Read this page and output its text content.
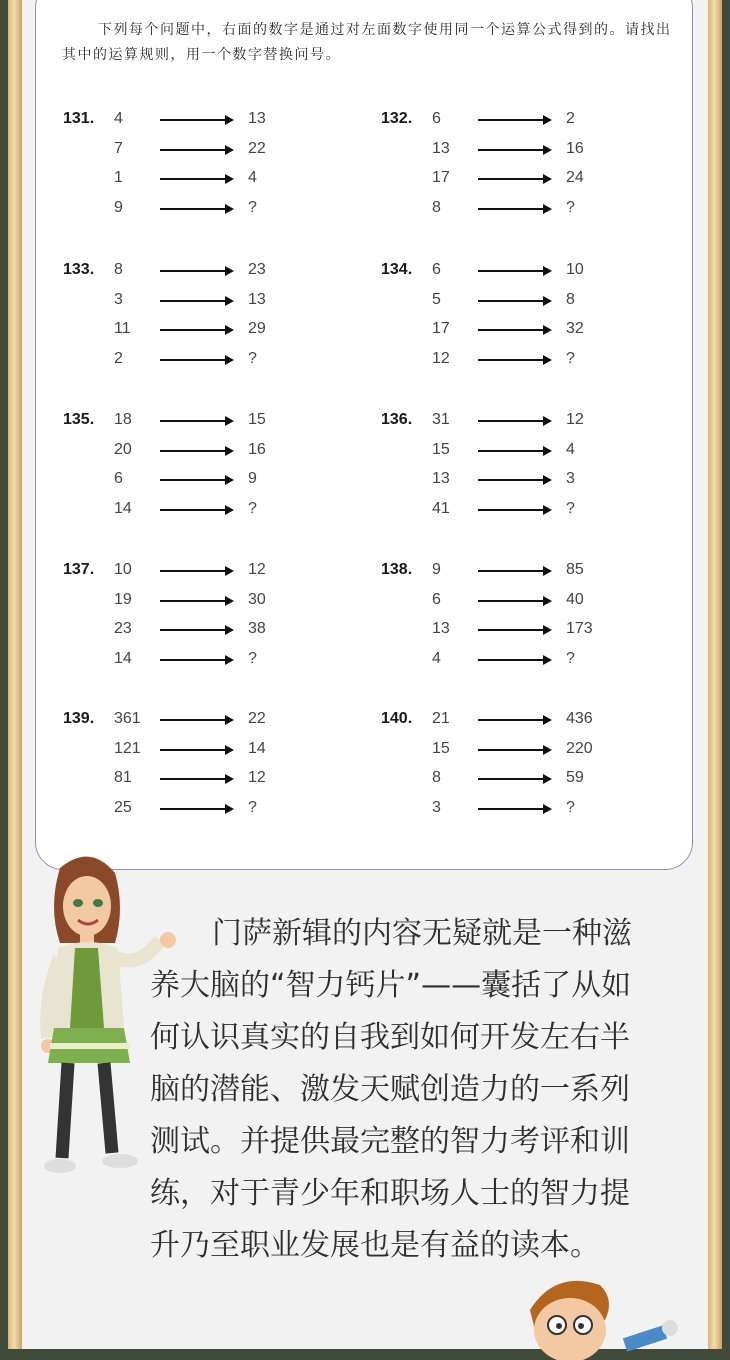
下列每个问题中，右面的数字是通过对左面数字使用同一个运算公式得到的。请找出其中的运算规则，用一个数字替换问号。

131. 4	13
7	22
1	4
9	?
132. 6	2
13	16
17	24
8	?
133. 8	23
3	13
11	29
2	?
134. 6	10
5	8
17	32
12	?
135. 18	15
20	16
6	9
14	?
136. 31	12
15	4
13	3
41	?
137. 10	12
19	30
23	38
14	?
138. 9	85
6	40
13	173
4	?
139. 361	22
121	14
81	12
25	?
140. 21	436
15	220
8	59
3	?

门萨新辑的内容无疑就是一种滋养大脑的“智力钙片”——囊括了从如何认识真实的自我到如何开发左右半脑的潜能、激发天赋创造力的一系列测试。并提供最完整的智力考评和训练，对于青少年和职场人士的智力提升乃至职业发展也是有益的读本。
